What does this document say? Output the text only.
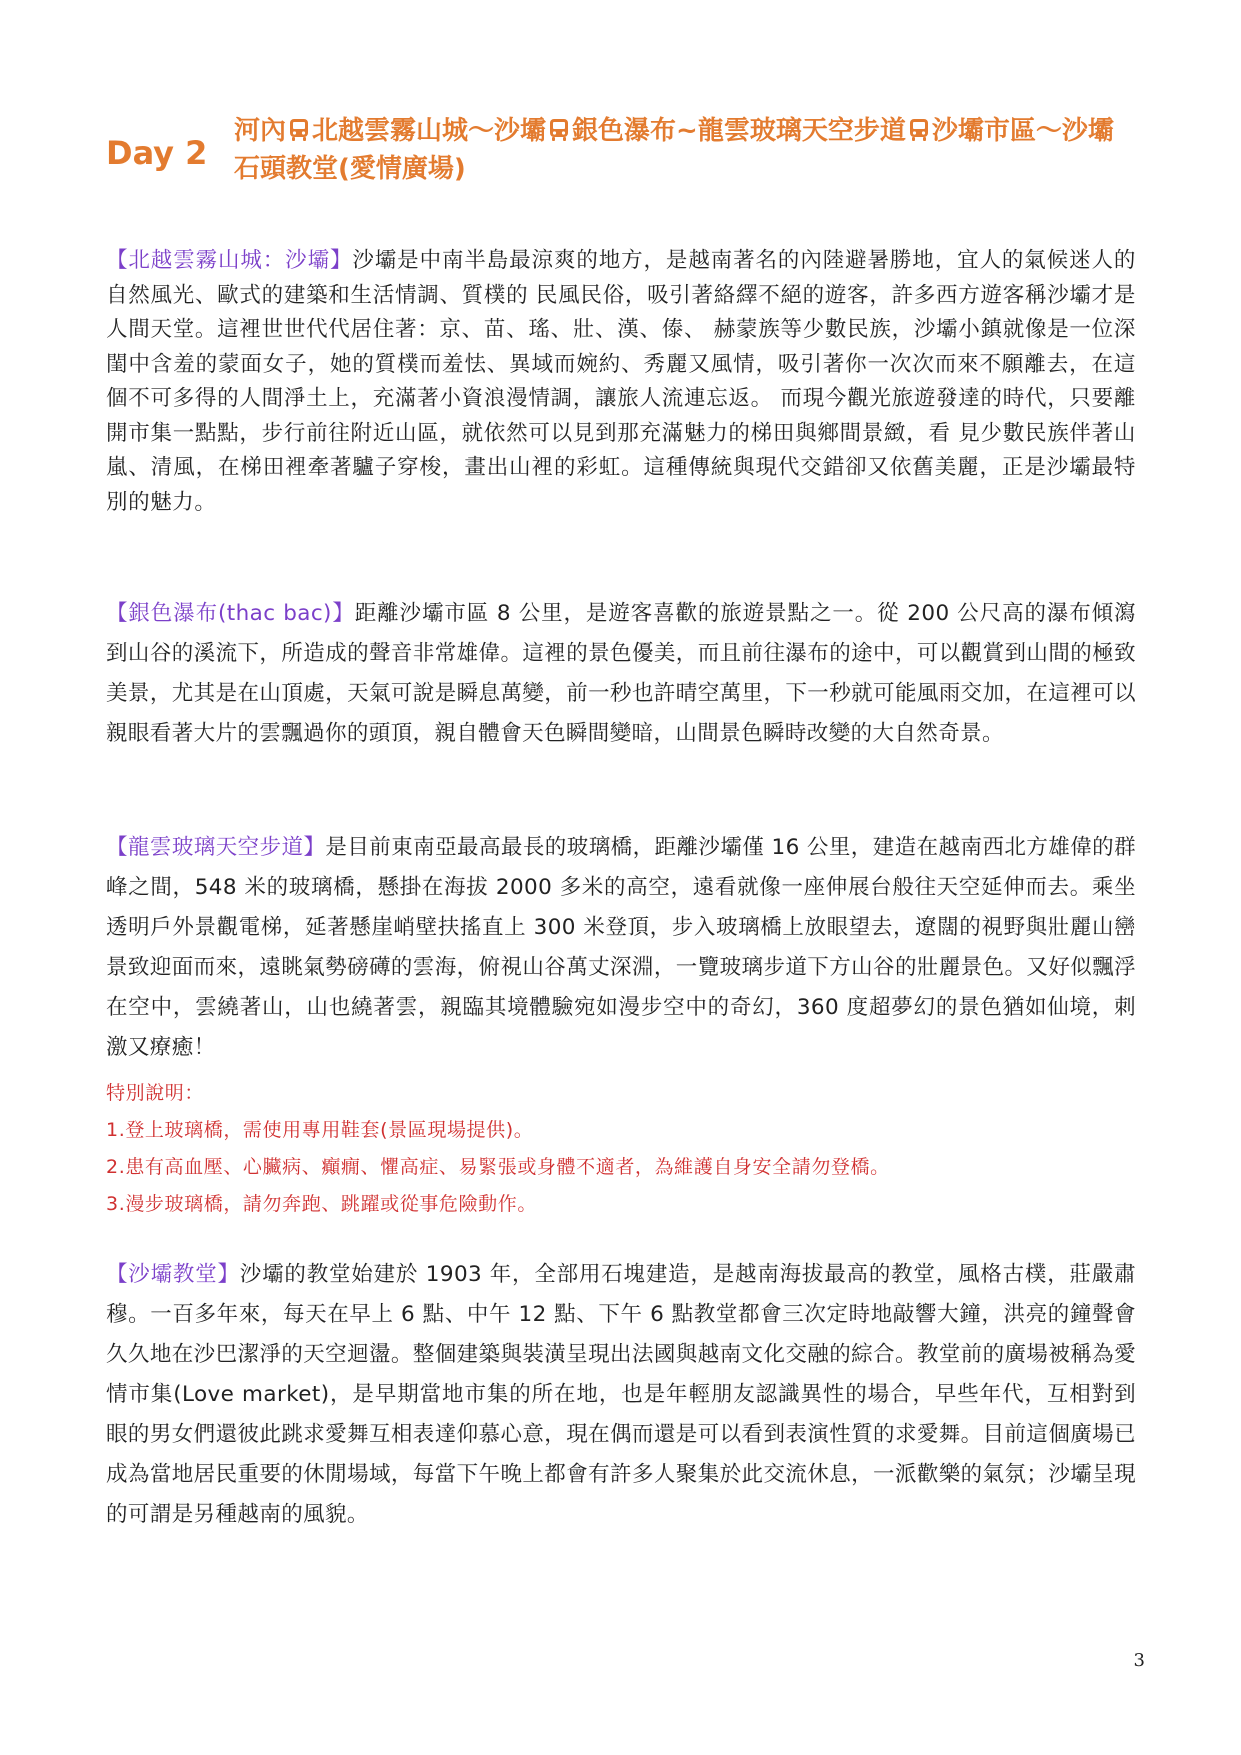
Day 2
河內 北越雲霧山城～沙壩 銀色瀑布~龍雲玻璃天空步道 沙壩市區～沙壩石頭教堂(愛情廣場)

【北越雲霧山城：沙壩】沙壩是中南半島最涼爽的地方，是越南著名的內陸避暑勝地，宜人的氣候迷人的自然風光、歐式的建築和生活情調、質樸的 民風民俗，吸引著絡繹不絕的遊客，許多西方遊客稱沙壩才是人間天堂。這裡世世代代居住著：京、苗、瑤、壯、漢、傣、 赫蒙族等少數民族，沙壩小鎮就像是一位深閨中含羞的蒙面女子，她的質樸而羞怯、異域而婉約、秀麗又風情，吸引著你一次次而來不願離去，在這個不可多得的人間淨土上，充滿著小資浪漫情調，讓旅人流連忘返。 而現今觀光旅遊發達的時代，只要離開市集一點點，步行前往附近山區，就依然可以見到那充滿魅力的梯田與鄉間景緻，看 見少數民族伴著山嵐、清風，在梯田裡牽著驢子穿梭，畫出山裡的彩虹。這種傳統與現代交錯卻又依舊美麗，正是沙壩最特別的魅力。

【銀色瀑布(thac bac)】距離沙壩市區 8 公里，是遊客喜歡的旅遊景點之一。從 200 公尺高的瀑布傾瀉到山谷的溪流下，所造成的聲音非常雄偉。這裡的景色優美，而且前往瀑布的途中，可以觀賞到山間的極致美景，尤其是在山頂處，天氣可說是瞬息萬變，前一秒也許晴空萬里，下一秒就可能風雨交加，在這裡可以親眼看著大片的雲飄過你的頭頂，親自體會天色瞬間變暗，山間景色瞬時改變的大自然奇景。

【龍雲玻璃天空步道】是目前東南亞最高最長的玻璃橋，距離沙壩僅 16 公里，建造在越南西北方雄偉的群峰之間，548 米的玻璃橋，懸掛在海拔 2000 多米的高空，遠看就像一座伸展台般往天空延伸而去。乘坐透明戶外景觀電梯，延著懸崖峭壁扶搖直上 300 米登頂，步入玻璃橋上放眼望去，遼闊的視野與壯麗山巒景致迎面而來，遠眺氣勢磅礡的雲海，俯視山谷萬丈深淵，一覽玻璃步道下方山谷的壯麗景色。又好似飄浮在空中，雲繞著山，山也繞著雲，親臨其境體驗宛如漫步空中的奇幻，360 度超夢幻的景色猶如仙境，刺激又療癒！

特別說明：
1.登上玻璃橋，需使用專用鞋套(景區現場提供)。
2.患有高血壓、心臟病、癲癇、懼高症、易緊張或身體不適者，為維護自身安全請勿登橋。
3.漫步玻璃橋，請勿奔跑、跳躍或從事危險動作。

【沙壩教堂】沙壩的教堂始建於 1903 年，全部用石塊建造，是越南海拔最高的教堂，風格古樸，莊嚴肅穆。一百多年來，每天在早上 6 點、中午 12 點、下午 6 點教堂都會三次定時地敲響大鐘，洪亮的鐘聲會久久地在沙巴潔淨的天空迴盪。整個建築與裝潢呈現出法國與越南文化交融的綜合。教堂前的廣場被稱為愛情市集(Love market)，是早期當地市集的所在地，也是年輕朋友認識異性的場合，早些年代，互相對到眼的男女們還彼此跳求愛舞互相表達仰慕心意，現在偶而還是可以看到表演性質的求愛舞。目前這個廣場已成為當地居民重要的休閒場域，每當下午晚上都會有許多人聚集於此交流休息，一派歡樂的氣氛；沙壩呈現的可謂是另種越南的風貌。

3
